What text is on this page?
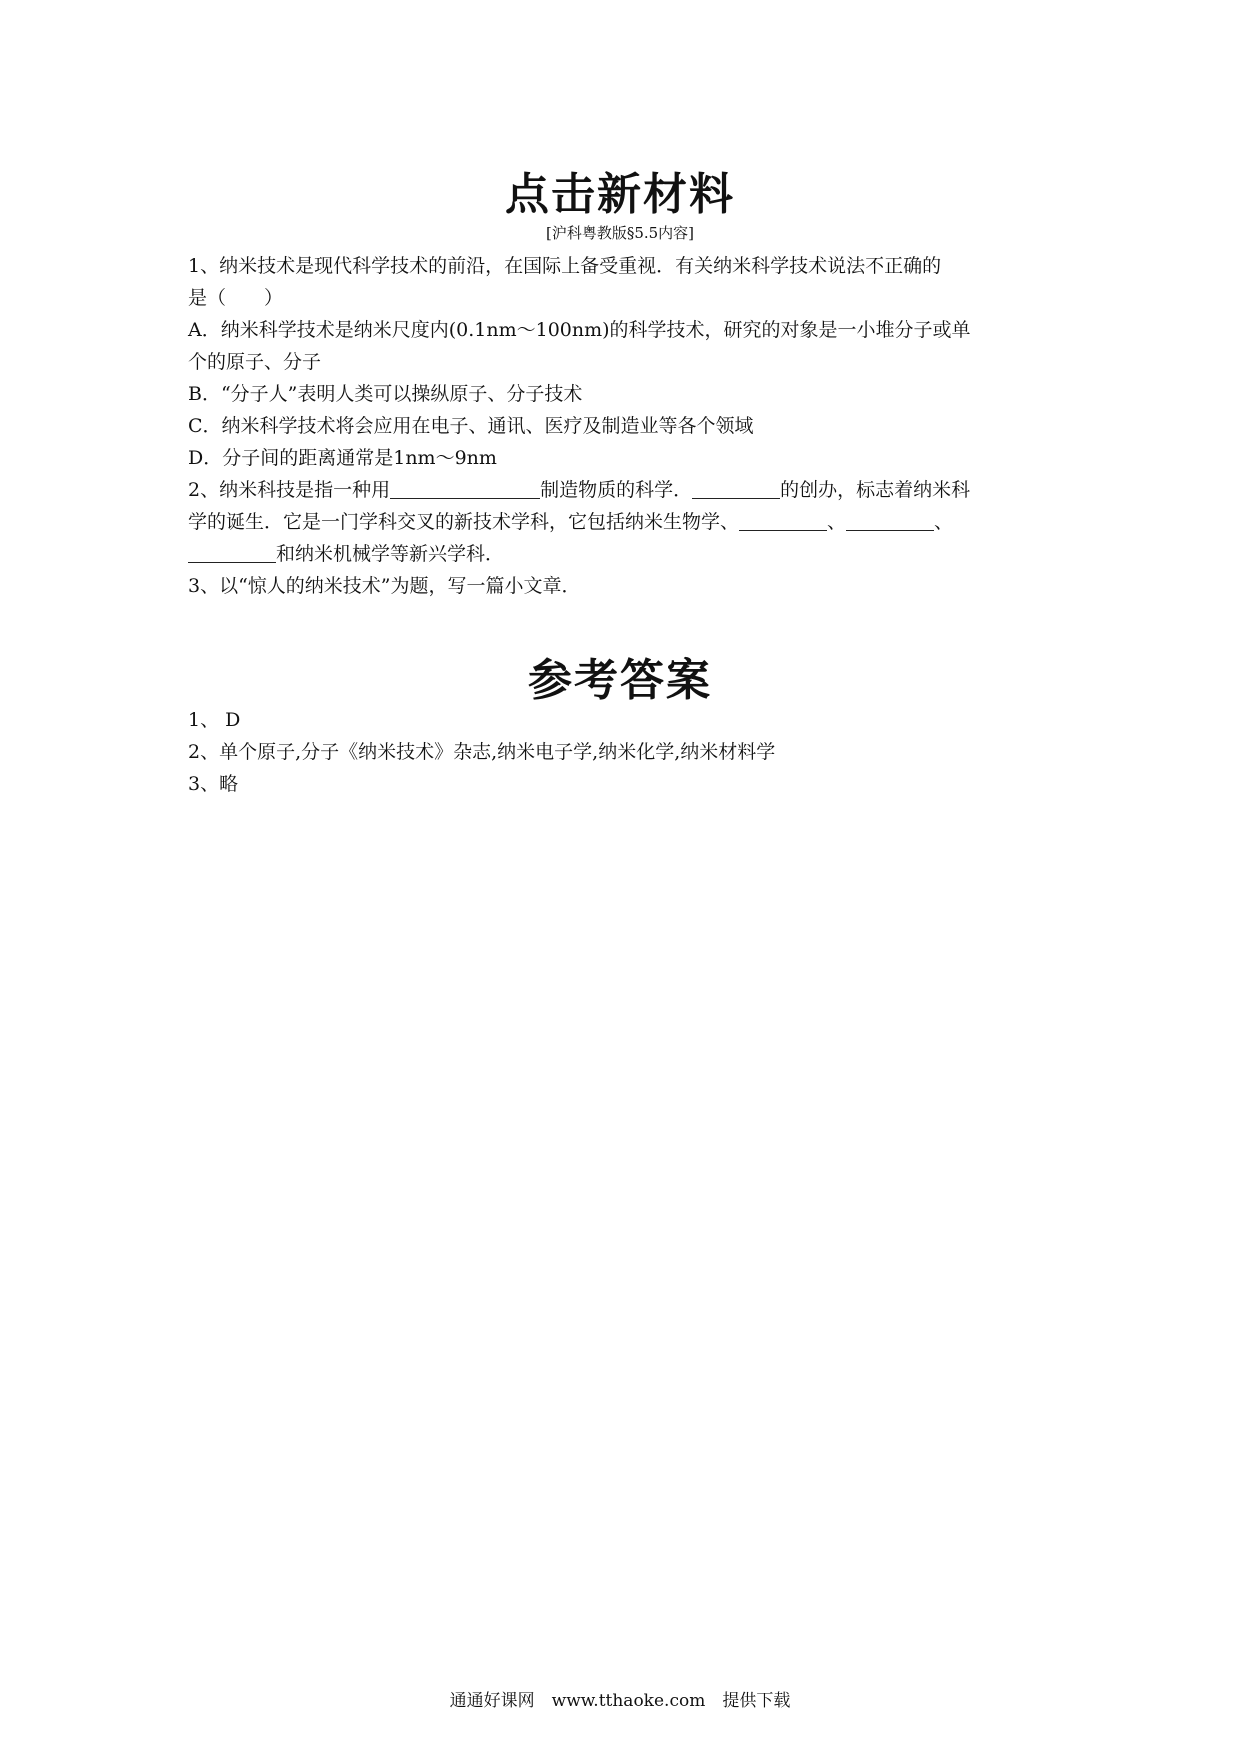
点击新材料
[沪科粤教版§5.5内容]
1、纳米技术是现代科学技术的前沿，在国际上备受重视．有关纳米科学技术说法不正确的
是（　　）
A．纳米科学技术是纳米尺度内(0.1nm～100nm)的科学技术，研究的对象是一小堆分子或单
个的原子、分子
B．“分子人”表明人类可以操纵原子、分子技术
C．纳米科学技术将会应用在电子、通讯、医疗及制造业等各个领域
D．分子间的距离通常是1nm～9nm
2、纳米科技是指一种用	制造物质的科学．	的创办，标志着纳米科
学的诞生．它是一门学科交叉的新技术学科，它包括纳米生物学、	、	、
和纳米机械学等新兴学科．
3、以“惊人的纳米技术”为题，写一篇小文章．
参考答案
1、 D
2、单个原子,分子《纳米技术》杂志,纳米电子学,纳米化学,纳米材料学
3、略
通通好课网　www.tthaoke.com　提供下载
